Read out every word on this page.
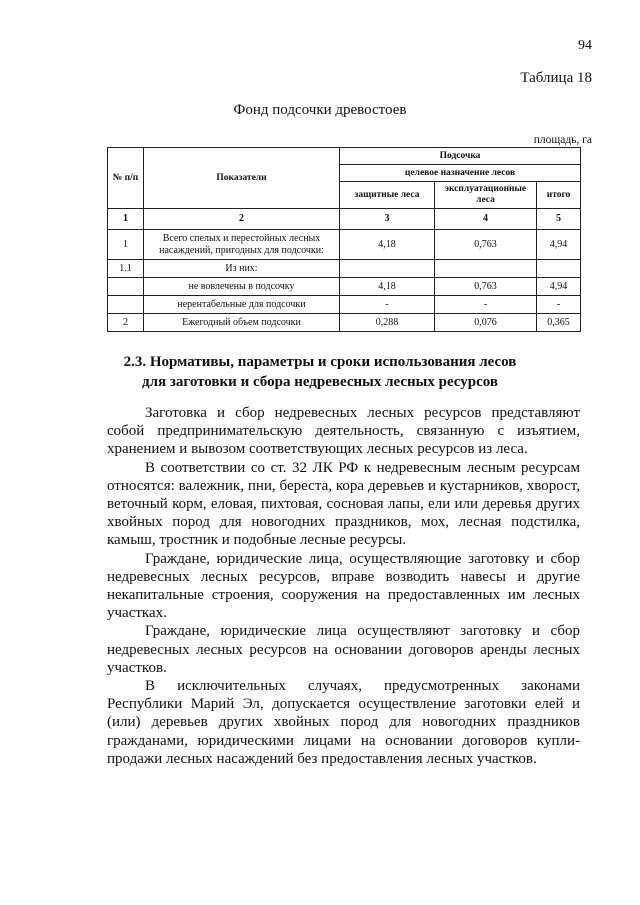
94
Таблица 18
Фонд подсочки древостоев
площадь, га
№ п/п	Показатели	Подсочка		
		целевое назначение лесов		
		защитные леса	эксплуатационные леса	итого
1	2	3	4	5
1	Всего спелых и перестойных лесных насаждений, пригодных для подсочки:	4,18	0,763	4,94
1.1	Из них:			
	не вовлечены в подсочку	4,18	0,763	4,94
	нерентабельные для подсочки	-	-	-
2	Ежегодный объем подсочки	0,288	0,076	0,365
2.3. Нормативы, параметры и сроки использования лесов
для заготовки и сбора недревесных лесных ресурсов

Заготовка и сбор недревесных лесных ресурсов представляют собой предпринимательскую деятельность, связанную с изъятием, хранением и вывозом соответствующих лесных ресурсов из леса.

В соответствии со ст. 32 ЛК РФ к недревесным лесным ресурсам относятся: валежник, пни, береста, кора деревьев и кустарников, хворост, веточный корм, еловая, пихтовая, сосновая лапы, ели или деревья других хвойных пород для новогодних праздников, мох, лесная подстилка, камыш, тростник и подобные лесные ресурсы.

Граждане, юридические лица, осуществляющие заготовку и сбор недревесных лесных ресурсов, вправе возводить навесы и другие некапитальные строения, сооружения на предоставленных им лесных участках.

Граждане, юридические лица осуществляют заготовку и сбор недревесных лесных ресурсов на основании договоров аренды лесных участков.

В исключительных случаях, предусмотренных законами Республики Марий Эл, допускается осуществление заготовки елей и (или) деревьев других хвойных пород для новогодних праздников гражданами, юридическими лицами на основании договоров купли-продажи лесных насаждений без предоставления лесных участков.
